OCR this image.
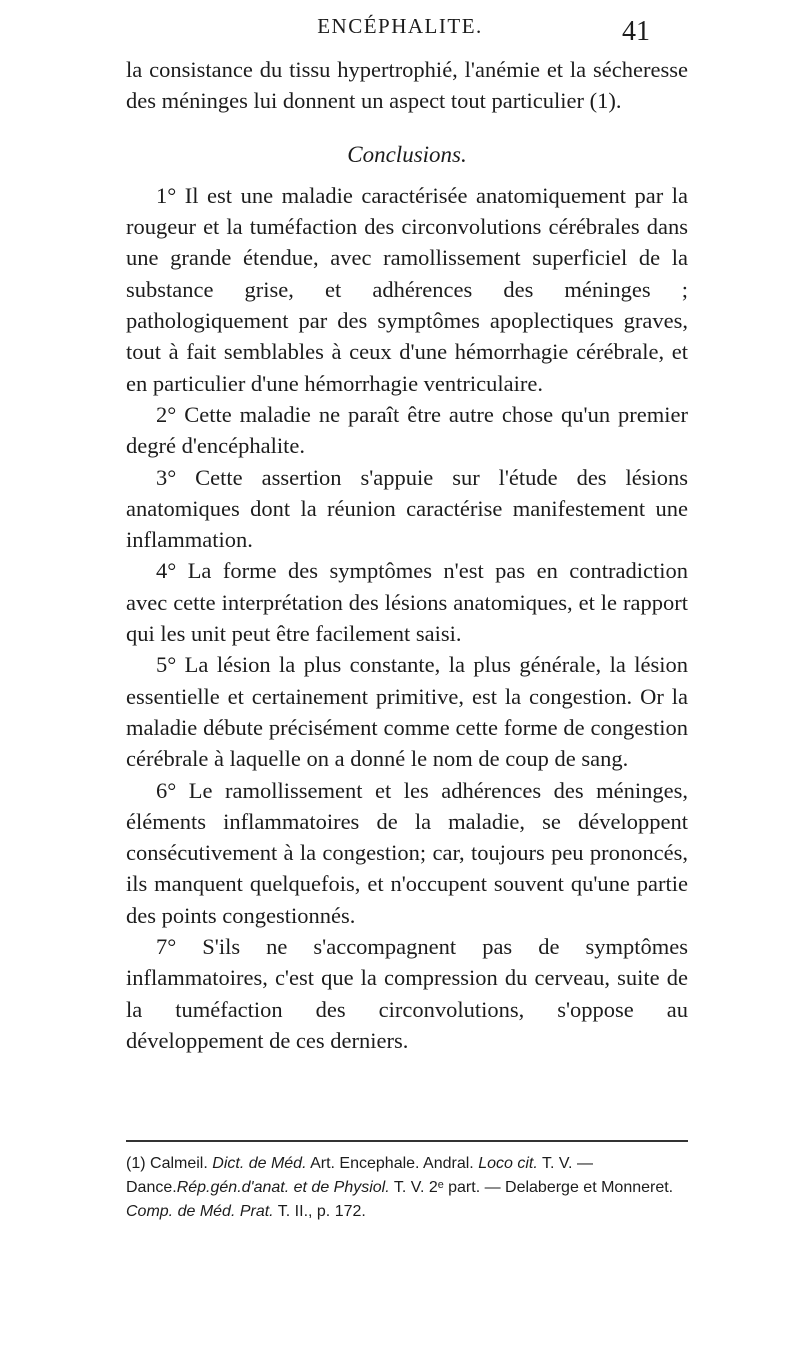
ENCÉPHALITE.	41

la consistance du tissu hypertrophié, l'anémie et la sécheresse des méninges lui donnent un aspect tout particulier (1).

Conclusions.

1° Il est une maladie caractérisée anatomiquement par la rougeur et la tuméfaction des circonvolutions cérébrales dans une grande étendue, avec ramollissement superficiel de la substance grise, et adhérences des méninges ; pathologiquement par des symptômes apoplectiques graves, tout à fait semblables à ceux d'une hémorrhagie cérébrale, et en particulier d'une hémorrhagie ventriculaire.

2° Cette maladie ne paraît être autre chose qu'un premier degré d'encéphalite.

3° Cette assertion s'appuie sur l'étude des lésions anatomiques dont la réunion caractérise manifestement une inflammation.

4° La forme des symptômes n'est pas en contradiction avec cette interprétation des lésions anatomiques, et le rapport qui les unit peut être facilement saisi.

5° La lésion la plus constante, la plus générale, la lésion essentielle et certainement primitive, est la congestion. Or la maladie débute précisément comme cette forme de congestion cérébrale à laquelle on a donné le nom de coup de sang.

6° Le ramollissement et les adhérences des méninges, éléments inflammatoires de la maladie, se développent consécutivement à la congestion; car, toujours peu prononcés, ils manquent quelquefois, et n'occupent souvent qu'une partie des points congestionnés.

7° S'ils ne s'accompagnent pas de symptômes inflammatoires, c'est que la compression du cerveau, suite de la tuméfaction des circonvolutions, s'oppose au développement de ces derniers.

(1) Calmeil. Dict. de Méd. Art. Encephale. Andral. Loco cit. T. V. — Dance.Rép.gén.d'anat. et de Physiol. T. V. 2ᵉ part. — Delaberge et Monneret. Comp. de Méd. Prat. T. II., p. 172.
